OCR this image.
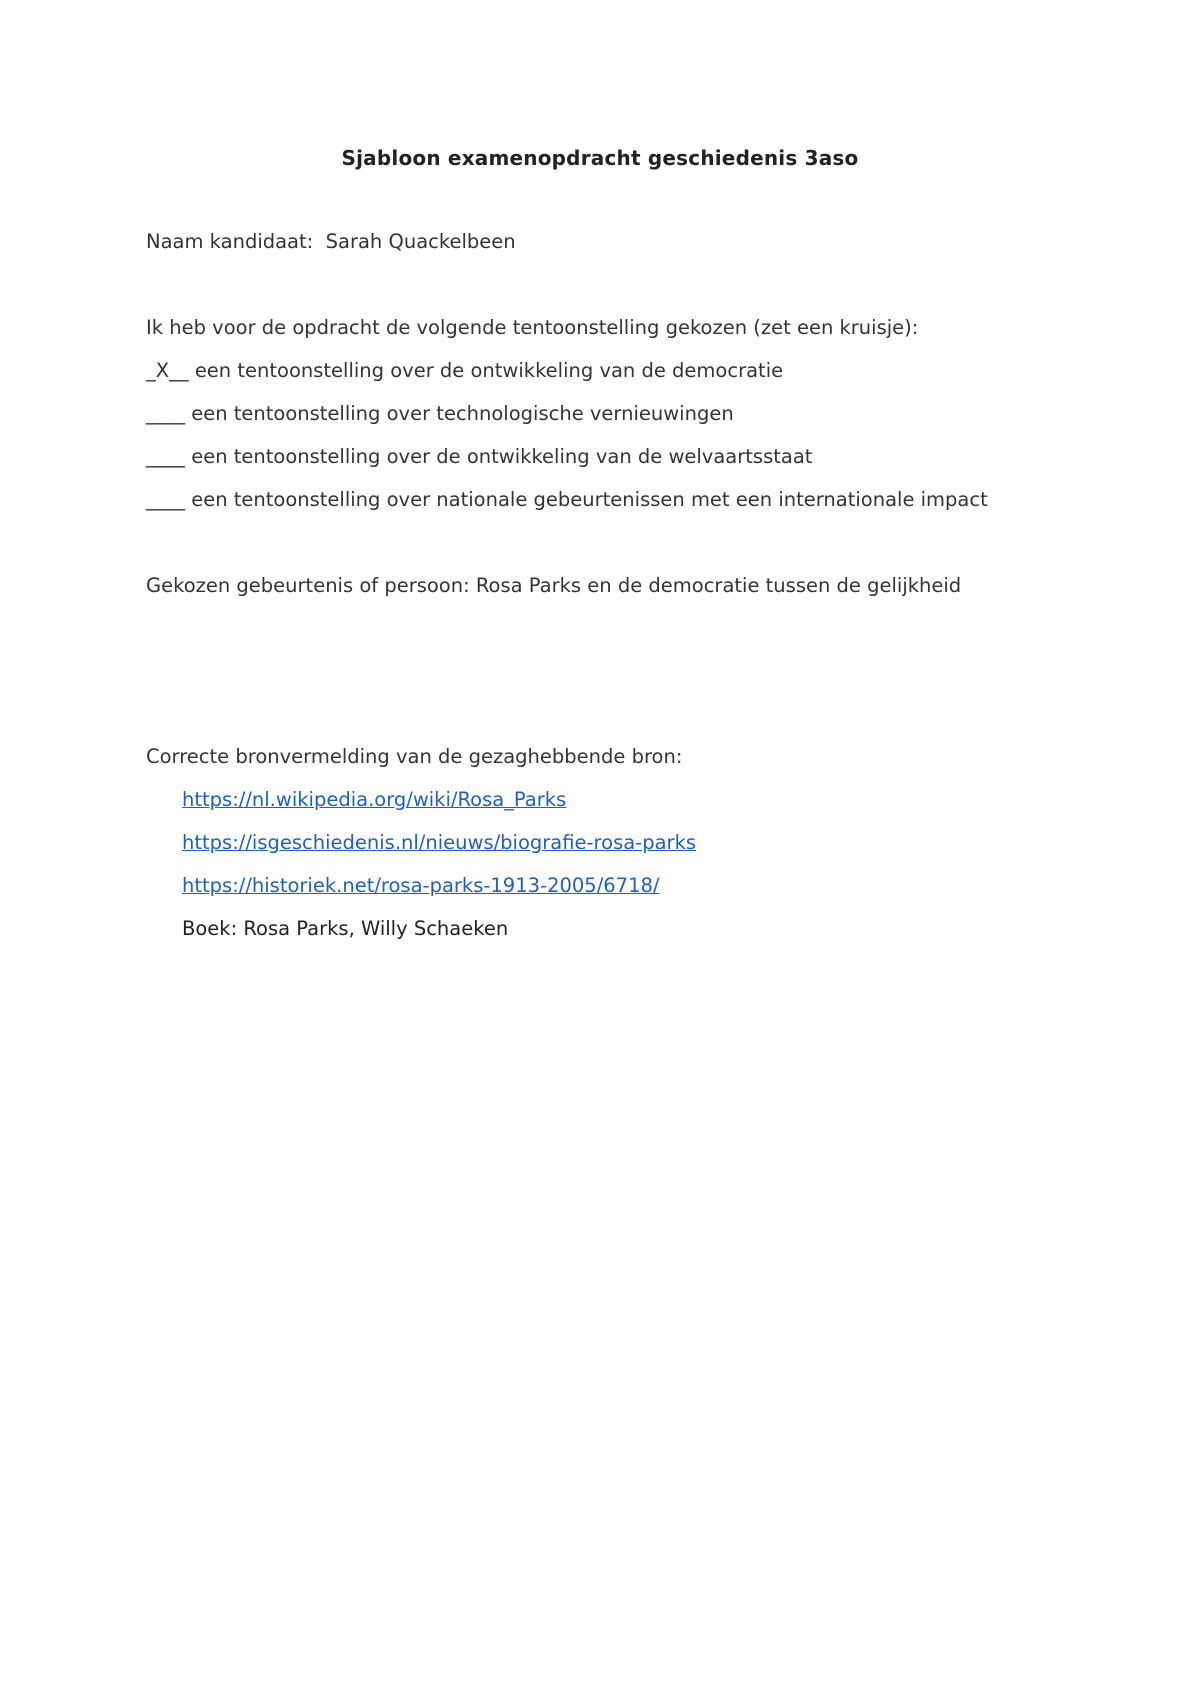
Sjabloon examenopdracht geschiedenis 3aso
Naam kandidaat: Sarah Quackelbeen
Ik heb voor de opdracht de volgende tentoonstelling gekozen (zet een kruisje):
_X__ een tentoonstelling over de ontwikkeling van de democratie
____ een tentoonstelling over technologische vernieuwingen
____ een tentoonstelling over de ontwikkeling van de welvaartsstaat
____ een tentoonstelling over nationale gebeurtenissen met een internationale impact
Gekozen gebeurtenis of persoon: Rosa Parks en de democratie tussen de gelijkheid
Correcte bronvermelding van de gezaghebbende bron:
https://nl.wikipedia.org/wiki/Rosa_Parks
https://isgeschiedenis.nl/nieuws/biografie-rosa-parks
https://historiek.net/rosa-parks-1913-2005/6718/
Boek: Rosa Parks, Willy Schaeken
